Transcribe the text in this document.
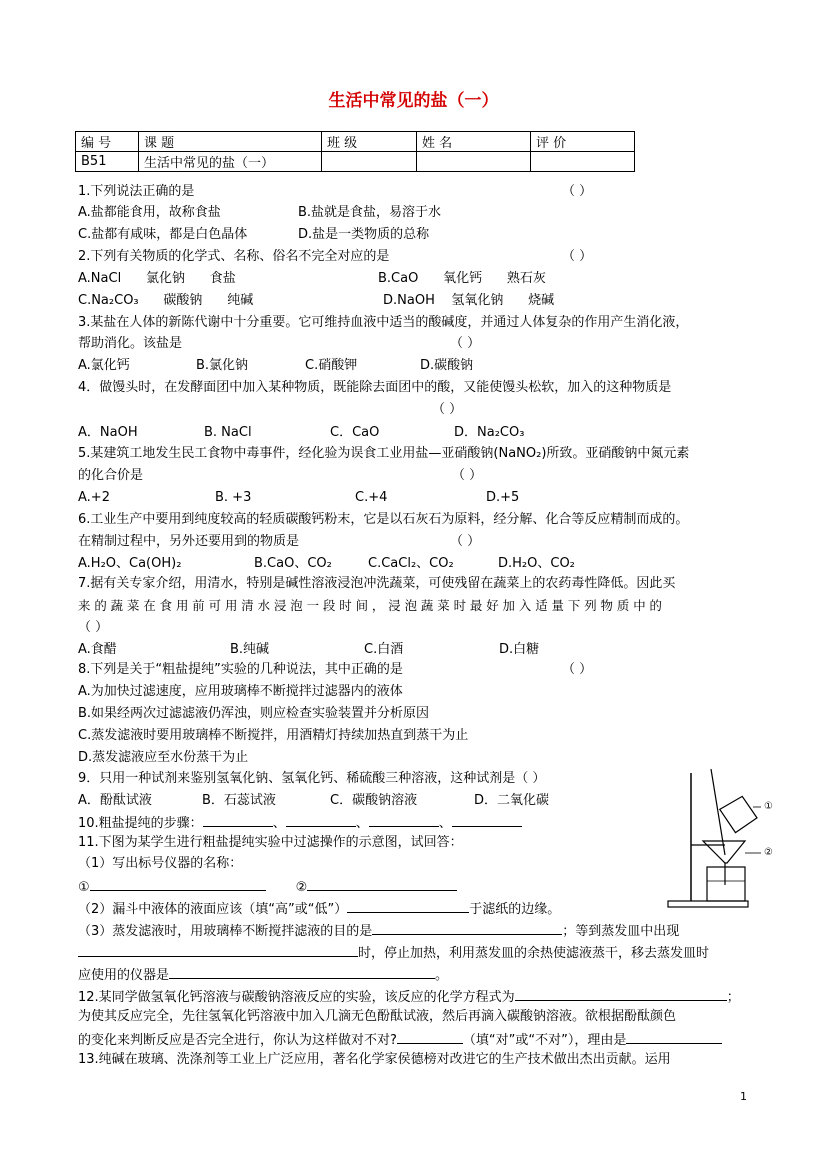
生活中常见的盐（一）
编 号	课 题	班 级	姓 名	评 价
B51	生活中常见的盐（一）			
1.下列说法正确的是	（ ）
A.盐都能食用，故称食盐	B.盐就是食盐，易溶于水
C.盐都有咸味，都是白色晶体	D.盐是一类物质的总称
2.下列有关物质的化学式、名称、俗名不完全对应的是	（ ）
A.NaCl      氯化钠      食盐	B.CaO      氧化钙      熟石灰
C.Na₂CO₃      碳酸钠      纯碱	D.NaOH    氢氧化钠      烧碱
3.某盐在人体的新陈代谢中十分重要。它可维持血液中适当的酸碱度，并通过人体复杂的作用产生消化液，
帮助消化。该盐是	（ ）
A.氯化钙	B.氯化钠	C.硝酸钾	D.碳酸钠
4．做馒头时，在发酵面团中加入某种物质，既能除去面团中的酸，又能使馒头松软，加入的这种物质是
（ ）
A．NaOH	B. NaCl	C．CaO	D．Na₂CO₃
5.某建筑工地发生民工食物中毒事件，经化验为误食工业用盐—亚硝酸钠(NaNO₂)所致。亚硝酸钠中氮元素
的化合价是	（ ）
A.+2	B. +3	C.+4	D.+5
6.工业生产中要用到纯度较高的轻质碳酸钙粉末，它是以石灰石为原料，经分解、化合等反应精制而成的。
在精制过程中，另外还要用到的物质是	（ ）
A.H₂O、Ca(OH)₂	B.CaO、CO₂	C.CaCl₂、CO₂	D.H₂O、CO₂
7.据有关专家介绍，用清水，特别是碱性溶液浸泡冲洗蔬菜，可使残留在蔬菜上的农药毒性降低。因此买
来 的 蔬 菜 在 食 用 前 可 用 清 水 浸 泡 一 段 时 间 ， 浸 泡 蔬 菜 时 最 好 加 入 适 量 下 列 物 质 中 的
（ ）
A.食醋	B.纯碱	C.白酒	D.白糖
8.下列是关于“粗盐提纯”实验的几种说法，其中正确的是	（ ）
A.为加快过滤速度，应用玻璃棒不断搅拌过滤器内的液体
B.如果经两次过滤滤液仍浑浊，则应检查实验装置并分析原因
C.蒸发滤液时要用玻璃棒不断搅拌，用酒精灯持续加热直到蒸干为止
D.蒸发滤液应至水份蒸干为止
9．只用一种试剂来鉴别氢氧化钠、氢氧化钙、稀硫酸三种溶液，这种试剂是（ ）
A．酚酞试液	B．石蕊试液	C．碳酸钠溶液	D．二氧化碳
10.粗盐提纯的步骤：	、	、	、
11.下图为某学生进行粗盐提纯实验中过滤操作的示意图，试回答：
（1）写出标号仪器的名称：
①	②
（2）漏斗中液体的液面应该（填“高”或“低”）	于滤纸的边缘。
（3）蒸发滤液时，用玻璃棒不断搅拌滤液的目的是	；等到蒸发皿中出现
时，停止加热，利用蒸发皿的余热使滤液蒸干，移去蒸发皿时
应使用的仪器是	。
①
②
12.某同学做氢氧化钙溶液与碳酸钠溶液反应的实验，该反应的化学方程式为	；
为使其反应完全，先往氢氧化钙溶液中加入几滴无色酚酞试液，然后再滴入碳酸钠溶液。欲根据酚酞颜色
的变化来判断反应是否完全进行，你认为这样做对不对?	（填“对”或“不对”），理由是
13.纯碱在玻璃、洗涤剂等工业上广泛应用，著名化学家侯德榜对改进它的生产技术做出杰出贡献。运用
1
